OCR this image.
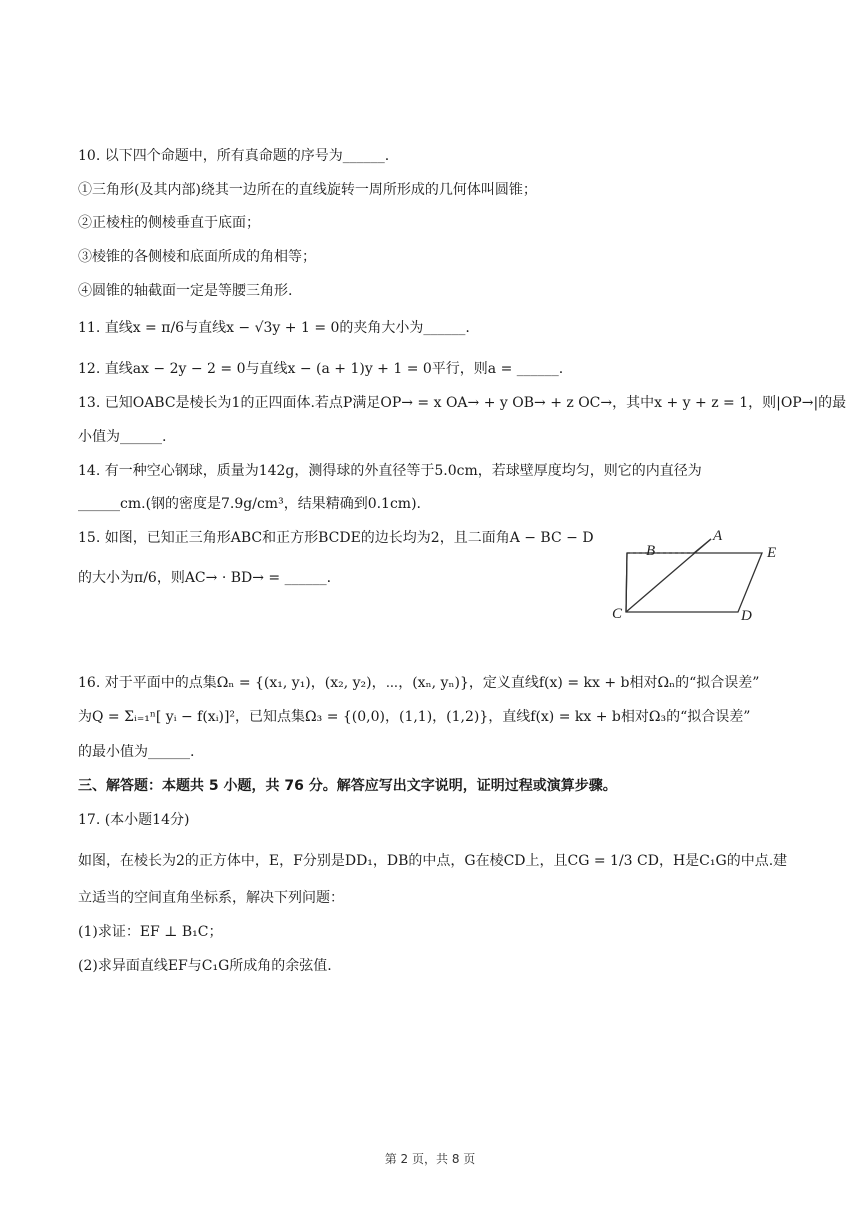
10. 以下四个命题中，所有真命题的序号为______.
①三角形(及其内部)绕其一边所在的直线旋转一周所形成的几何体叫圆锥；
②正棱柱的侧棱垂直于底面；
③棱锥的各侧棱和底面所成的角相等；
④圆锥的轴截面一定是等腰三角形.
11. 直线x = π/6与直线x − √3y + 1 = 0的夹角大小为______.
12. 直线ax − 2y − 2 = 0与直线x − (a + 1)y + 1 = 0平行，则a = ______.
13. 已知OABC是棱长为1的正四面体.若点P满足OP→ = x OA→ + y OB→ + z OC→，其中x + y + z = 1，则|OP→|的最
小值为______.
14. 有一种空心钢球，质量为142g，测得球的外直径等于5.0cm，若球壁厚度均匀，则它的内直径为
______cm.(钢的密度是7.9g/cm³，结果精确到0.1cm).
15. 如图，已知正三角形ABC和正方形BCDE的边长均为2，且二面角A − BC − D
的大小为π/6，则AC→ · BD→ = ______.
A
B	E
C	D
16. 对于平面中的点集Ωₙ = {(x₁, y₁)，(x₂, y₂)，⋯，(xₙ, yₙ)}，定义直线f(x) = kx + b相对Ωₙ的“拟合误差”
为Q = Σᵢ₌₁ⁿ[ yᵢ − f(xᵢ)]²，已知点集Ω₃ = {(0,0)，(1,1)，(1,2)}，直线f(x) = kx + b相对Ω₃的“拟合误差”
的最小值为______.
三、解答题：本题共 5 小题，共 76 分。解答应写出文字说明，证明过程或演算步骤。
17. (本小题14分)
如图，在棱长为2的正方体中，E，F分别是DD₁，DB的中点，G在棱CD上，且CG = 1/3 CD，H是C₁G的中点.建
立适当的空间直角坐标系，解决下列问题：
(1)求证：EF ⊥ B₁C；
(2)求异面直线EF与C₁G所成角的余弦值.
第 2 页，共 8 页
